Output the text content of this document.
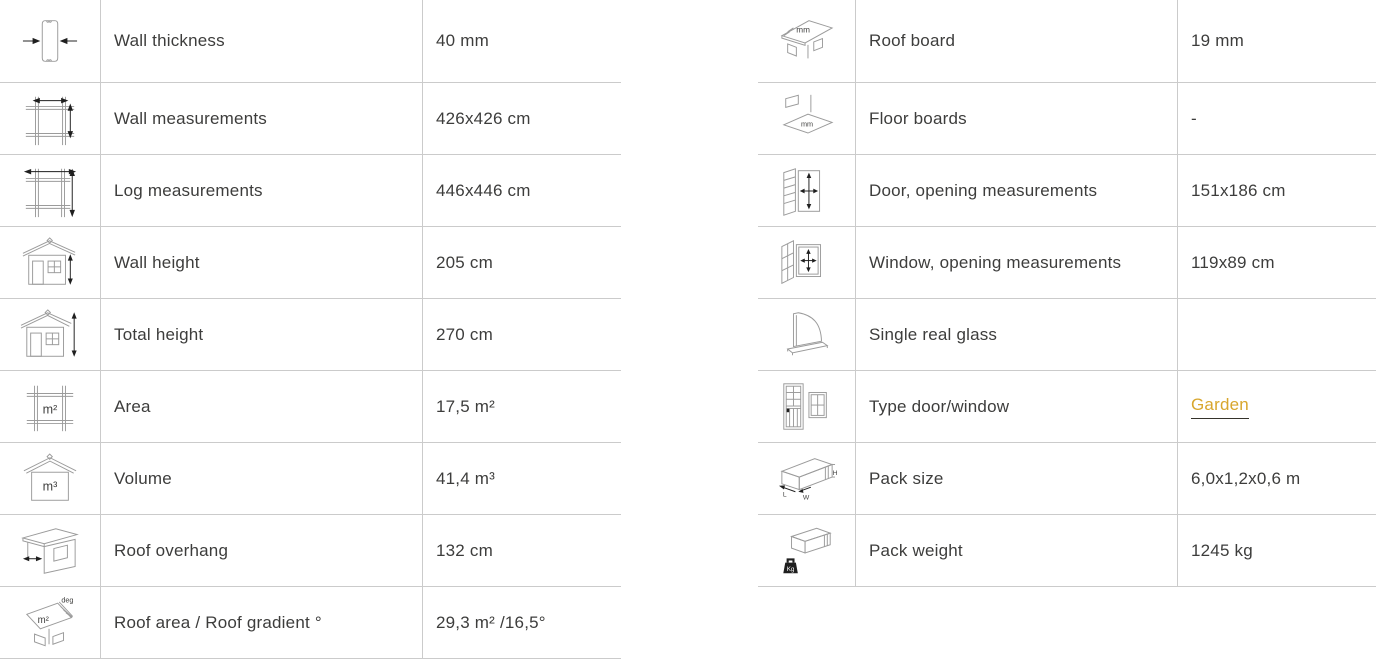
Wall thickness	40 mm
Wall measurements	426x426 cm
Log measurements	446x446 cm
Wall height	205 cm
Total height	270 cm
m²	Area	17,5 m²
m³	Volume	41,4 m³
Roof overhang	132 cm
m²
deg
Roof area / Roof gradient °	29,3 m² /16,5°
mm
Roof board	19 mm
mm	Floor boards	-
Door, opening measurements	151x186 cm
Window, opening measurements	119x89 cm
Single real glass
Type door/window	Garden
L W
H Pack size	6,0x1,2x0,6 m
Kg
Pack weight	1245 kg
